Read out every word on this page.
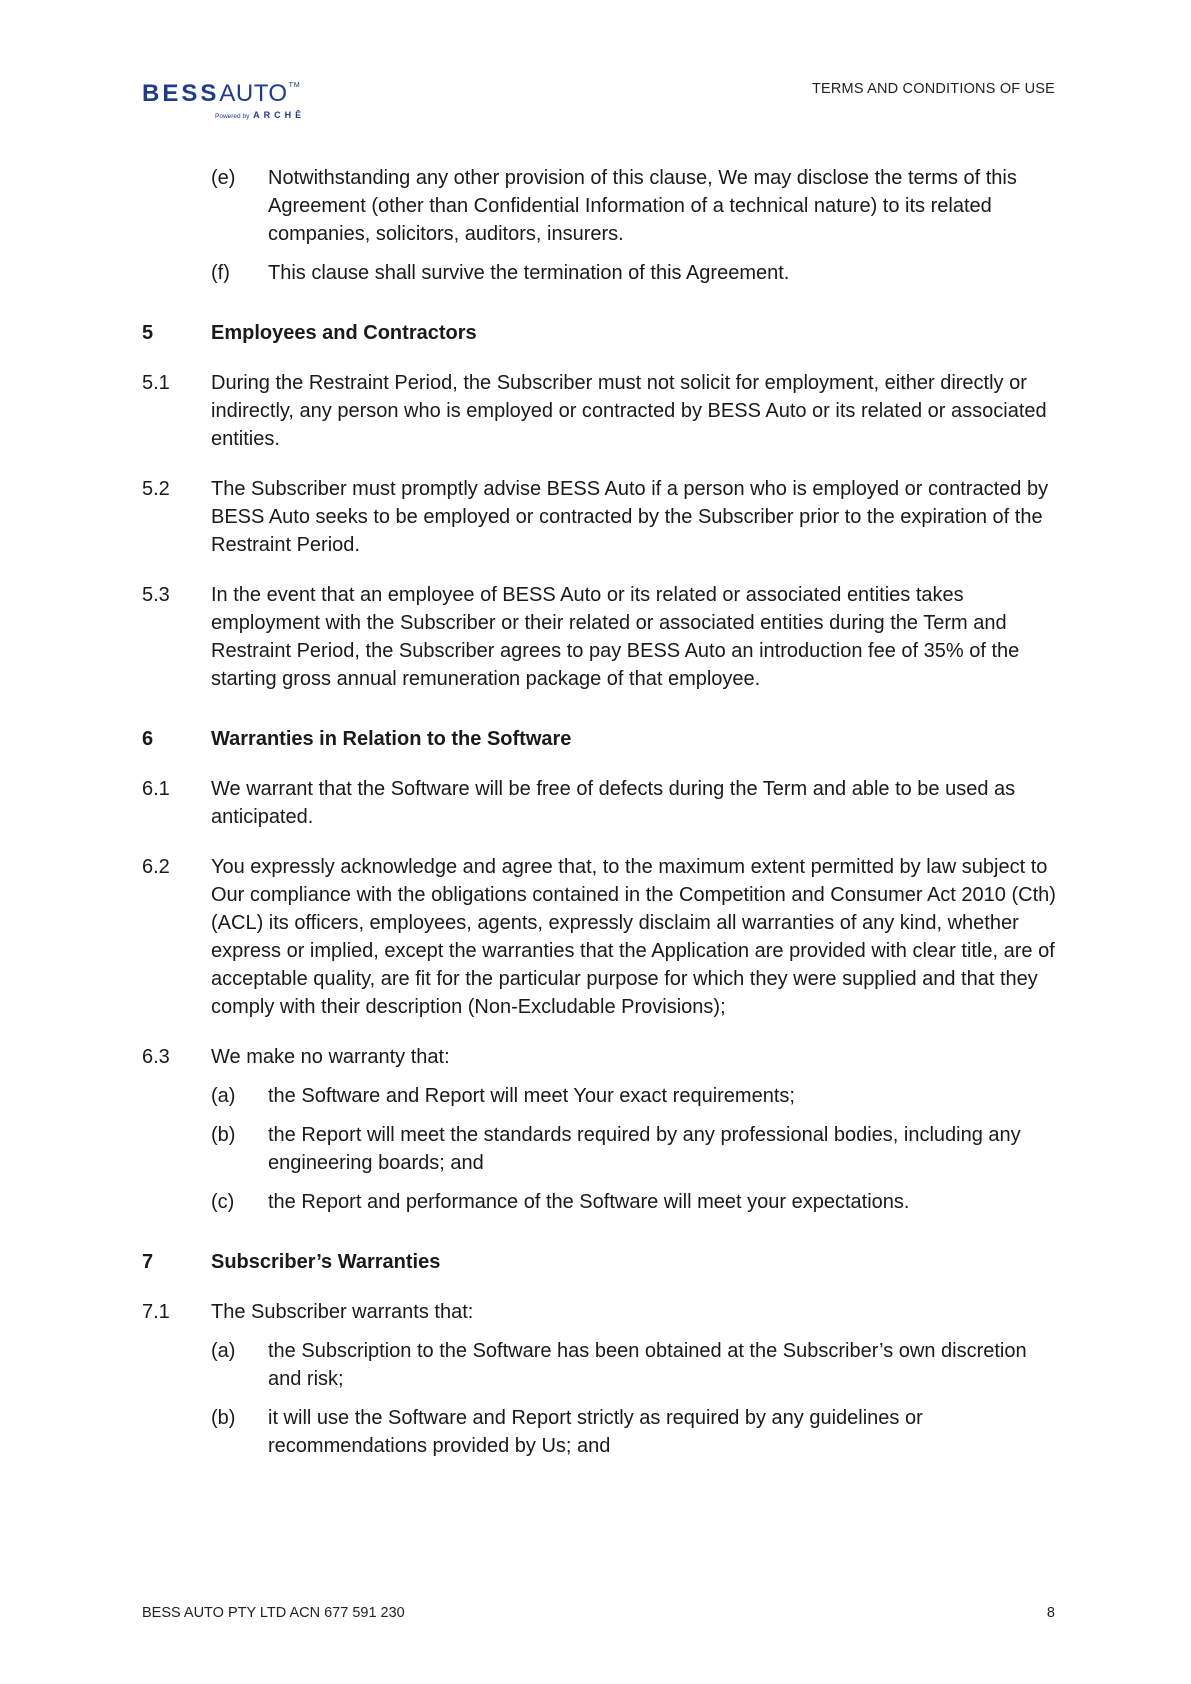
BESSAUTO™
Powered by ARCHĒ
TERMS AND CONDITIONS OF USE
(e)	Notwithstanding any other provision of this clause, We may disclose the terms of this Agreement (other than Confidential Information of a technical nature) to its related companies, solicitors, auditors, insurers.
(f)	This clause shall survive the termination of this Agreement.
5	Employees and Contractors
5.1	During the Restraint Period, the Subscriber must not solicit for employment, either directly or indirectly, any person who is employed or contracted by BESS Auto or its related or associated entities.
5.2	The Subscriber must promptly advise BESS Auto if a person who is employed or contracted by BESS Auto seeks to be employed or contracted by the Subscriber prior to the expiration of the Restraint Period.
5.3	In the event that an employee of BESS Auto or its related or associated entities takes employment with the Subscriber or their related or associated entities during the Term and Restraint Period, the Subscriber agrees to pay BESS Auto an introduction fee of 35% of the starting gross annual remuneration package of that employee.
6	Warranties in Relation to the Software
6.1	We warrant that the Software will be free of defects during the Term and able to be used as anticipated.
6.2	You expressly acknowledge and agree that, to the maximum extent permitted by law subject to Our compliance with the obligations contained in the Competition and Consumer Act 2010 (Cth)(ACL) its officers, employees, agents, expressly disclaim all warranties of any kind, whether express or implied, except the warranties that the Application are provided with clear title, are of acceptable quality, are fit for the particular purpose for which they were supplied and that they comply with their description (Non-Excludable Provisions);
6.3	We make no warranty that:
(a)	the Software and Report will meet Your exact requirements;
(b)	the Report will meet the standards required by any professional bodies, including any engineering boards; and
(c)	the Report and performance of the Software will meet your expectations.
7	Subscriber’s Warranties
7.1	The Subscriber warrants that:
(a)	the Subscription to the Software has been obtained at the Subscriber’s own discretion and risk;
(b)	it will use the Software and Report strictly as required by any guidelines or recommendations provided by Us; and
BESS AUTO PTY LTD ACN 677 591 230	8
